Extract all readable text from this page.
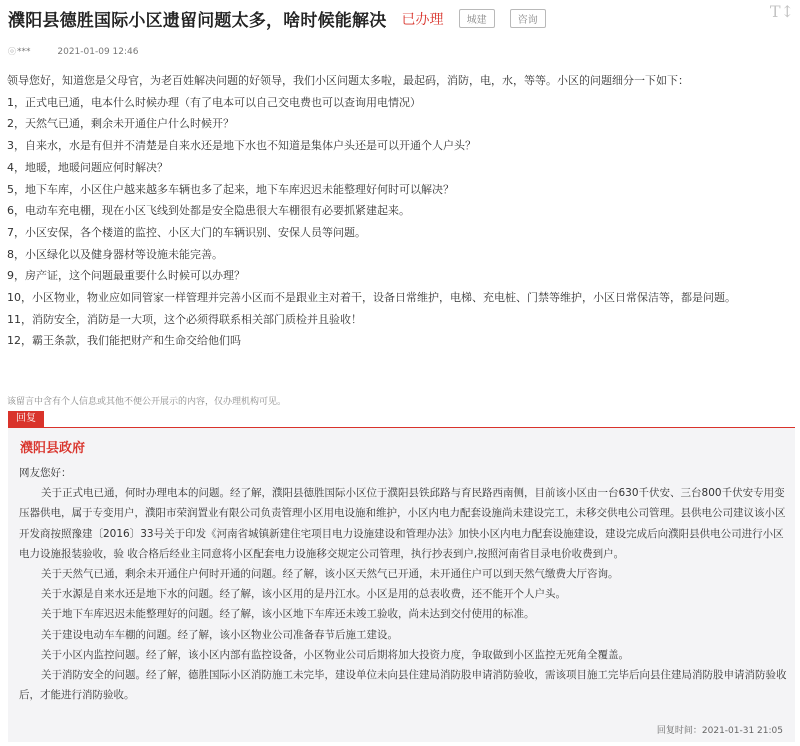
濮阳县德胜国际小区遗留问题太多，啥时候能解决 已办理 城建	咨询	T↕
ⓞ***	2021-01-09 12:46
领导您好，知道您是父母官，为老百姓解决问题的好领导，我们小区问题太多啦，最起码，消防，电，水，等等。小区的问题细分一下如下：
1，正式电已通，电本什么时候办理（有了电本可以自己交电费也可以查询用电情况）
2，天然气已通，剩余未开通住户什么时候开？
3，自来水，水是有但并不清楚是自来水还是地下水也不知道是集体户头还是可以开通个人户头？
4，地暖，地暖问题应何时解决？
5，地下车库，小区住户越来越多车辆也多了起来，地下车库迟迟未能整理好何时可以解决？
6，电动车充电棚，现在小区飞线到处都是安全隐患很大车棚很有必要抓紧建起来。
7，小区安保，各个楼道的监控、小区大门的车辆识别、安保人员等问题。
8，小区绿化以及健身器材等设施未能完善。
9，房产证，这个问题最重要什么时候可以办理？
10，小区物业，物业应如同管家一样管理并完善小区而不是跟业主对着干，设备日常维护，电梯、充电桩、门禁等维护，小区日常保洁等，都是问题。
11，消防安全，消防是一大项，这个必须得联系相关部门质检并且验收！
12，霸王条款，我们能把财产和生命交给他们吗
该留言中含有个人信息或其他不便公开展示的内容，仅办理机构可见。
回复
濮阳县政府
网友您好：
关于正式电已通，何时办理电本的问题。经了解，濮阳县德胜国际小区位于濮阳县铁邱路与育民路西南侧，目前该小区由一台630千伏安、三台800千伏安专用变压器供电，属于专变用户，濮阳市荣润置业有限公司负责管理小区用电设施和维护，小区内电力配套设施尚未建设完工，未移交供电公司管理。县供电公司建议该小区开发商按照豫建〔2016〕33号关于印发《河南省城镇新建住宅项目电力设施建设和管理办法》加快小区内电力配套设施建设，建设完成后向濮阳县供电公司进行小区电力设施报装验收，验 收合格后经业主同意将小区配套电力设施移交规定公司管理，执行抄表到户,按照河南省目录电价收费到户。
关于天然气已通，剩余未开通住户何时开通的问题。经了解，该小区天然气已开通，未开通住户可以到天然气缴费大厅咨询。
关于水源是自来水还是地下水的问题。经了解，该小区用的是丹江水。小区是用的总表收费，还不能开个人户头。
关于地下车库迟迟未能整理好的问题。经了解，该小区地下车库还未竣工验收，尚未达到交付使用的标准。
关于建设电动车车棚的问题。经了解，该小区物业公司准备春节后施工建设。
关于小区内监控问题。经了解，该小区内部有监控设备，小区物业公司后期将加大投资力度，争取做到小区监控无死角全覆盖。
关于消防安全的问题。经了解，德胜国际小区消防施工未完毕，建设单位未向县住建局消防股申请消防验收，需该项目施工完毕后向县住建局消防股申请消防验收后，才能进行消防验收。
回复时间：2021-01-31 21:05
